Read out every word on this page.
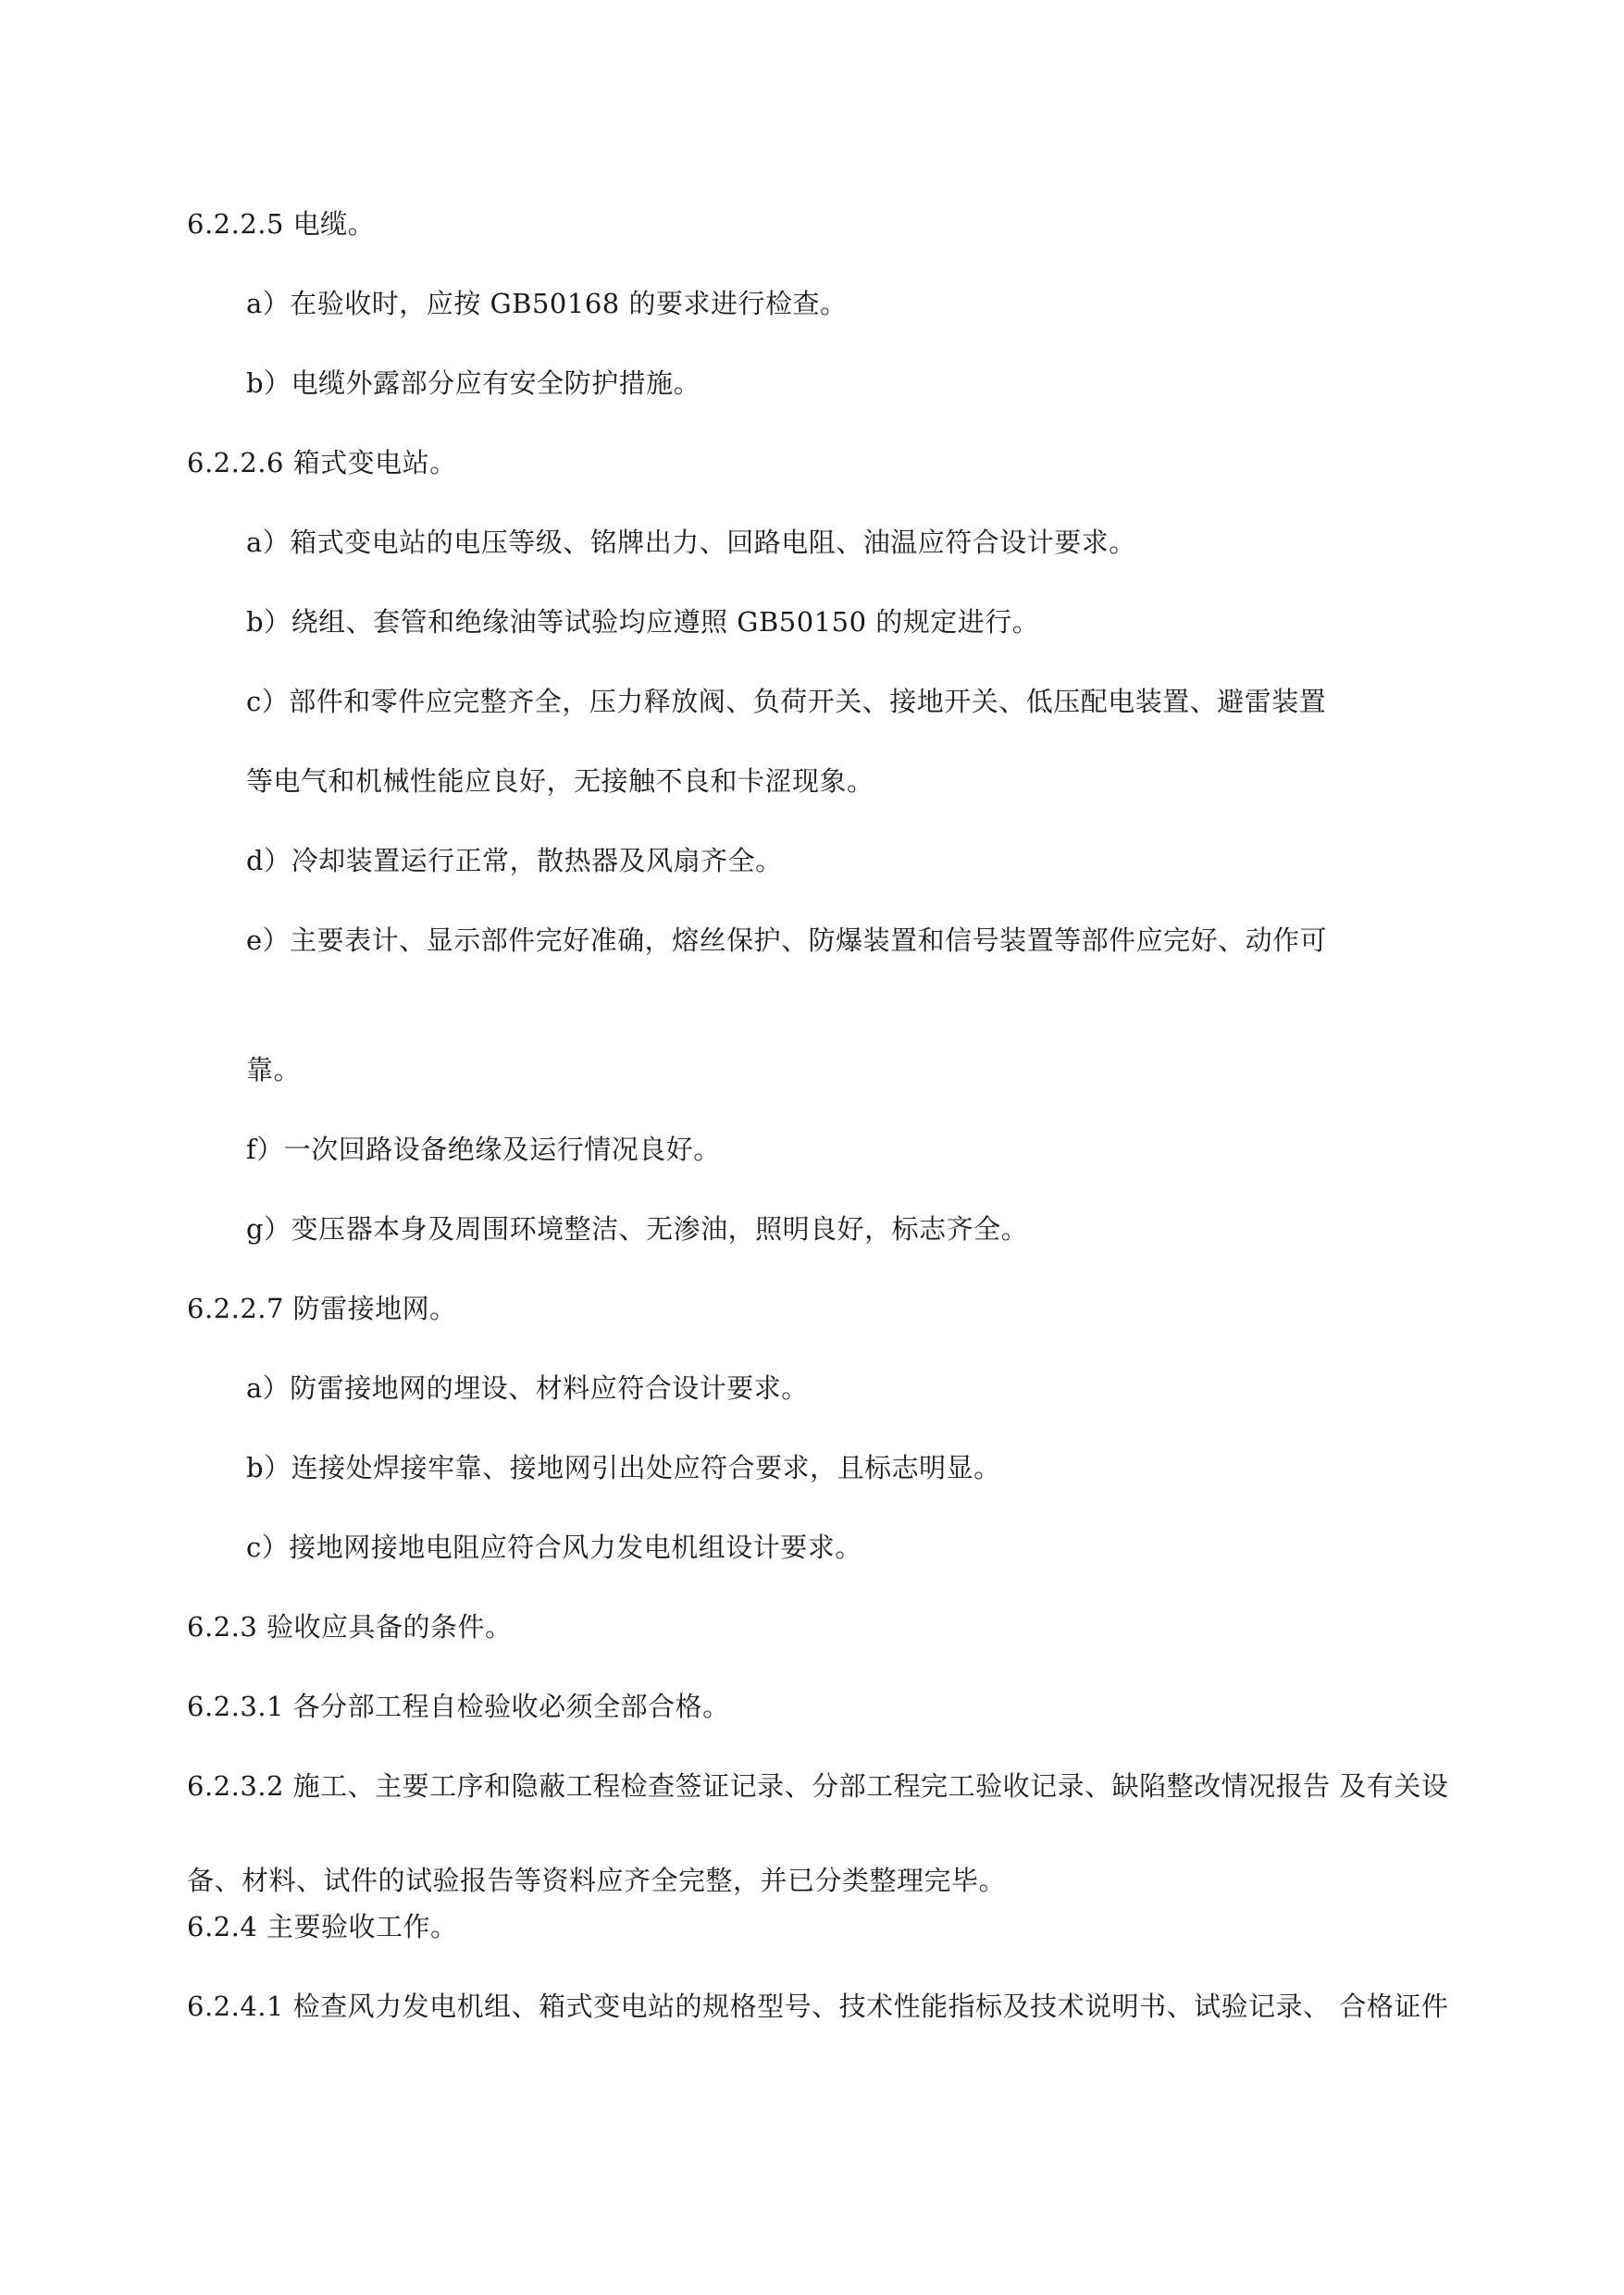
6.2.2.5 电缆。
a）在验收时，应按 GB50168 的要求进行检查。
b）电缆外露部分应有安全防护措施。
6.2.2.6 箱式变电站。
a）箱式变电站的电压等级、铭牌出力、回路电阻、油温应符合设计要求。
b）绕组、套管和绝缘油等试验均应遵照 GB50150 的规定进行。
c）部件和零件应完整齐全，压力释放阀、负荷开关、接地开关、低压配电装置、避雷装置
等电气和机械性能应良好，无接触不良和卡涩现象。
d）冷却装置运行正常，散热器及风扇齐全。
e）主要表计、显示部件完好准确，熔丝保护、防爆装置和信号装置等部件应完好、动作可
靠。
f）一次回路设备绝缘及运行情况良好。
g）变压器本身及周围环境整洁、无渗油，照明良好，标志齐全。
6.2.2.7 防雷接地网。
a）防雷接地网的埋设、材料应符合设计要求。
b）连接处焊接牢靠、接地网引出处应符合要求，且标志明显。
c）接地网接地电阻应符合风力发电机组设计要求。
6.2.3 验收应具备的条件。
6.2.3.1 各分部工程自检验收必须全部合格。
6.2.3.2 施工、主要工序和隐蔽工程检查签证记录、分部工程完工验收记录、缺陷整改情况报告 及有关设
备、材料、试件的试验报告等资料应齐全完整，并已分类整理完毕。
6.2.4 主要验收工作。
6.2.4.1 检查风力发电机组、箱式变电站的规格型号、技术性能指标及技术说明书、试验记录、 合格证件
